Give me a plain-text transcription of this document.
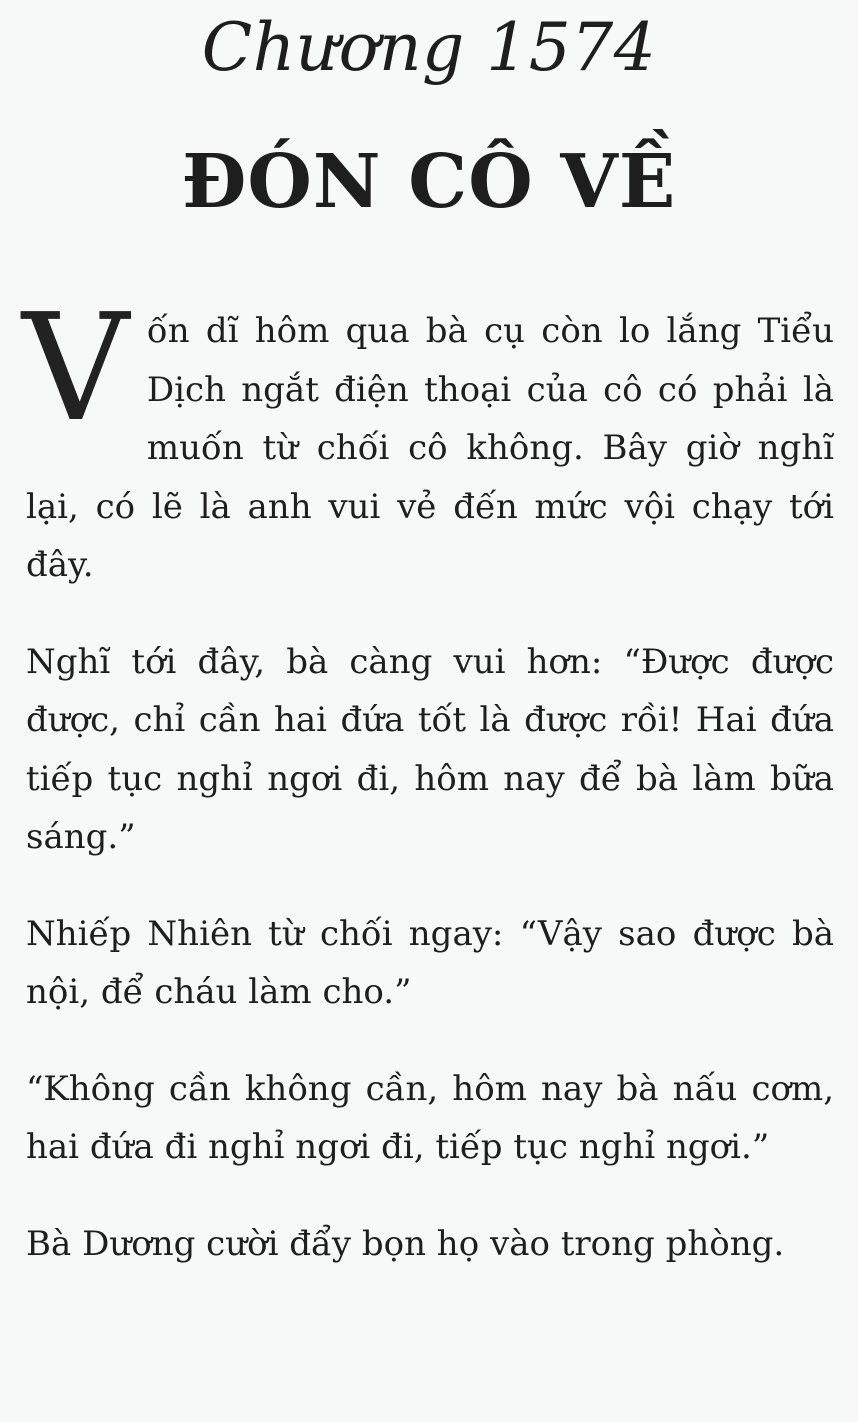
Chương 1574
ĐÓN CÔ VỀ

Vốn dĩ hôm qua bà cụ còn lo lắng Tiểu Dịch ngắt điện thoại của cô có phải là muốn từ chối cô không. Bây giờ nghĩ lại, có lẽ là anh vui vẻ đến mức vội chạy tới đây.

Nghĩ tới đây, bà càng vui hơn: “Được được được, chỉ cần hai đứa tốt là được rồi! Hai đứa tiếp tục nghỉ ngơi đi, hôm nay để bà làm bữa sáng.”

Nhiếp Nhiên từ chối ngay: “Vậy sao được bà nội, để cháu làm cho.”

“Không cần không cần, hôm nay bà nấu cơm, hai đứa đi nghỉ ngơi đi, tiếp tục nghỉ ngơi.”

Bà Dương cười đẩy bọn họ vào trong phòng.
